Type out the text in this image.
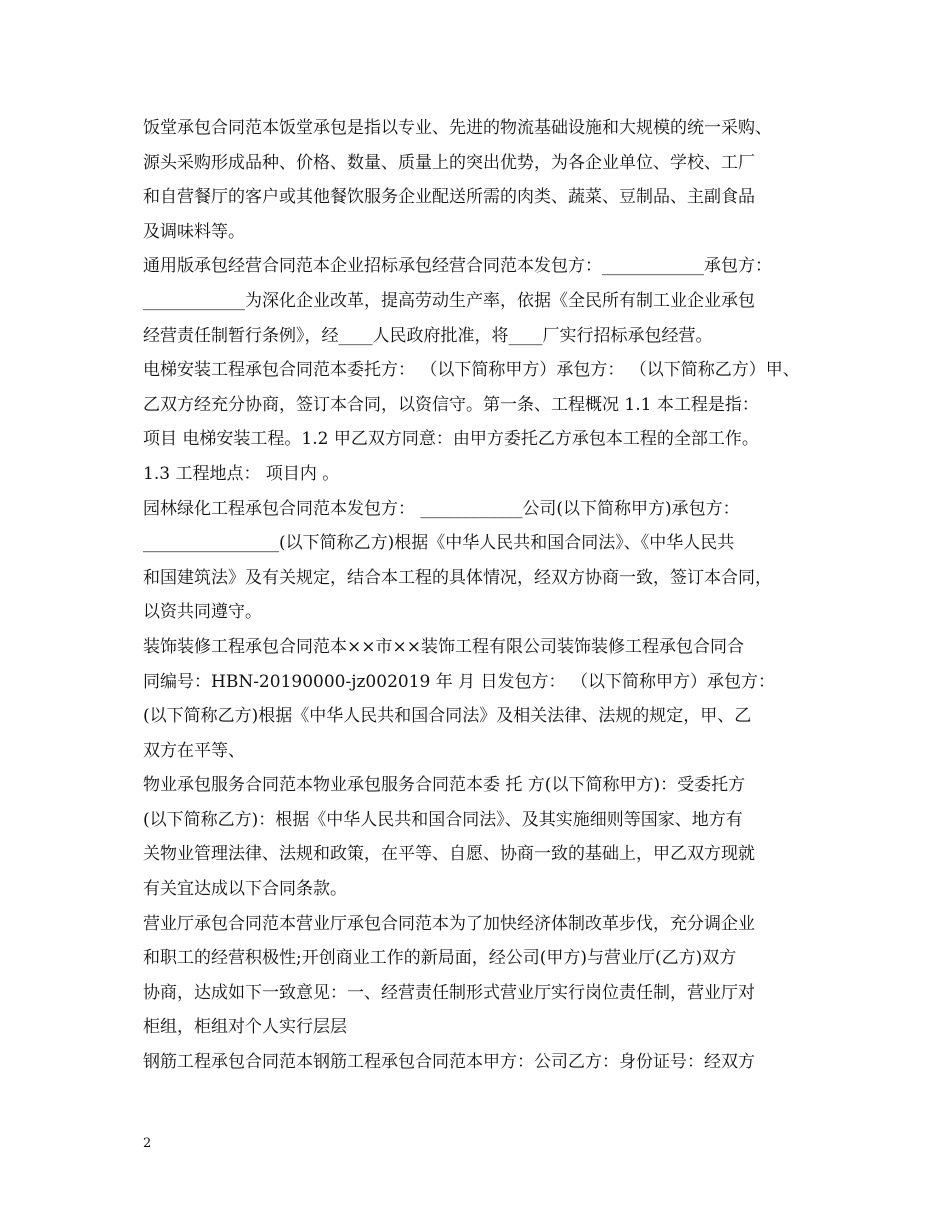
饭堂承包合同范本饭堂承包是指以专业、先进的物流基础设施和大规模的统一采购、
源头采购形成品种、价格、数量、质量上的突出优势，为各企业单位、学校、工厂
和自营餐厅的客户或其他餐饮服务企业配送所需的肉类、蔬菜、豆制品、主副食品
及调味料等。
通用版承包经营合同范本企业招标承包经营合同范本发包方：____________承包方：
____________为深化企业改革，提高劳动生产率，依据《全民所有制工业企业承包
经营责任制暂行条例》，经____人民政府批准，将____厂实行招标承包经营。
电梯安装工程承包合同范本委托方： （以下简称甲方）承包方： （以下简称乙方）甲、
乙双方经充分协商，签订本合同，以资信守。第一条、工程概况 1.1 本工程是指：
项目 电梯安装工程。1.2 甲乙双方同意：由甲方委托乙方承包本工程的全部工作。
1.3 工程地点： 项目内 。
园林绿化工程承包合同范本发包方： ____________公司(以下简称甲方)承包方：
________________(以下简称乙方)根据《中华人民共和国合同法》、《中华人民共
和国建筑法》及有关规定，结合本工程的具体情况，经双方协商一致，签订本合同，
以资共同遵守。
装饰装修工程承包合同范本××市××装饰工程有限公司装饰装修工程承包合同合
同编号：HBN-20190000-jz002019 年 月 日发包方： （以下简称甲方）承包方：
(以下简称乙方)根据《中华人民共和国合同法》及相关法律、法规的规定，甲、乙
双方在平等、
物业承包服务合同范本物业承包服务合同范本委 托 方(以下简称甲方)：受委托方
(以下简称乙方)：根据《中华人民共和国合同法》、及其实施细则等国家、地方有
关物业管理法律、法规和政策，在平等、自愿、协商一致的基础上，甲乙双方现就
有关宜达成以下合同条款。
营业厅承包合同范本营业厅承包合同范本为了加快经济体制改革步伐，充分调企业
和职工的经营积极性;开创商业工作的新局面，经公司(甲方)与营业厅(乙方)双方
协商，达成如下一致意见：一、经营责任制形式营业厅实行岗位责任制，营业厅对
柜组，柜组对个人实行层层
钢筋工程承包合同范本钢筋工程承包合同范本甲方：公司乙方：身份证号：经双方
2
